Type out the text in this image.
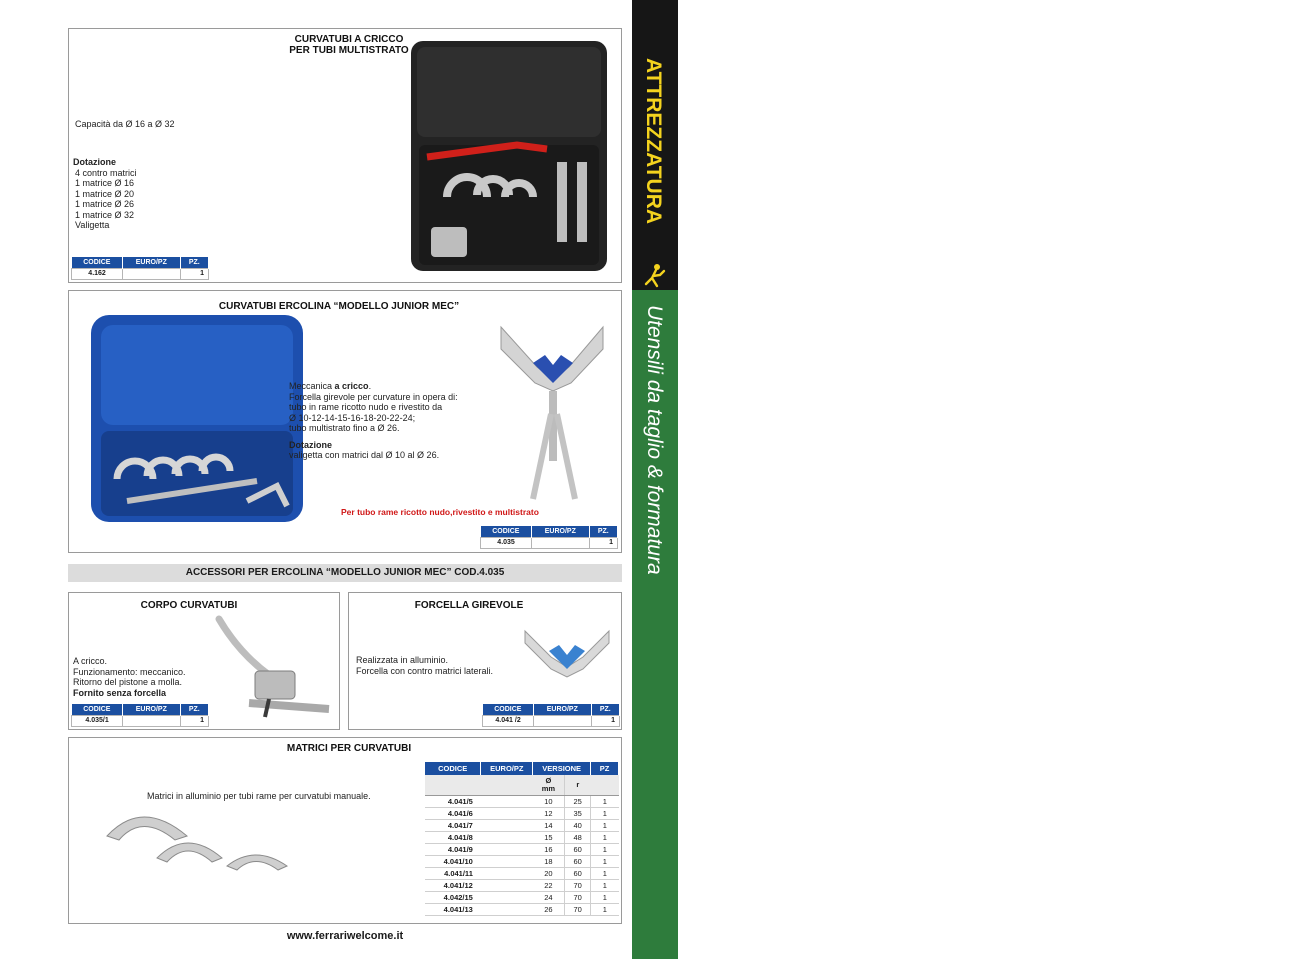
ATTREZZATURA
Utensili da taglio & formatura
37
CURVATUBI A CRICCO
PER TUBI MULTISTRATO
Capacità da Ø 16 a Ø 32
Dotazione
4 contro matrici
1 matrice Ø 16
1 matrice Ø 20
1 matrice Ø 26
1 matrice Ø 32
Valigetta
CODICE	EURO/PZ	PZ.
4.162		1
CURVATUBI ERCOLINA “MODELLO JUNIOR MEC”
Meccanica a cricco.
Forcella girevole per curvature in opera di:
tubo in rame ricotto nudo e rivestito da
Ø 10-12-14-15-16-18-20-22-24;
tubo multistrato fino a Ø 26.
Dotazione
valigetta con matrici dal Ø 10 al Ø 26.
Per tubo rame ricotto nudo,rivestito e multistrato
CODICE	EURO/PZ	PZ.
4.035		1
ACCESSORI PER ERCOLINA “MODELLO JUNIOR MEC” COD.4.035
CORPO CURVATUBI
A cricco.
Funzionamento: meccanico.
Ritorno del pistone a molla.
Fornito senza forcella
CODICE	EURO/PZ	PZ.
4.035/1		1
FORCELLA GIREVOLE
Realizzata in alluminio.
Forcella con contro matrici laterali.
CODICE	EURO/PZ	PZ.
4.041 /2		1
MATRICI PER CURVATUBI
Matrici in alluminio per tubi rame per curvatubi manuale.
CODICE	EURO/PZ	VERSIONE		PZ

		Ø
mm	r	
4.041/5		10	25	1
4.041/6		12	35	1
4.041/7		14	40	1
4.041/8		15	48	1
4.041/9		16	60	1
4.041/10		18	60	1
4.041/11		20	60	1
4.041/12		22	70	1
4.042/15		24	70	1
4.041/13		26	70	1
www.ferrariwelcome.it
